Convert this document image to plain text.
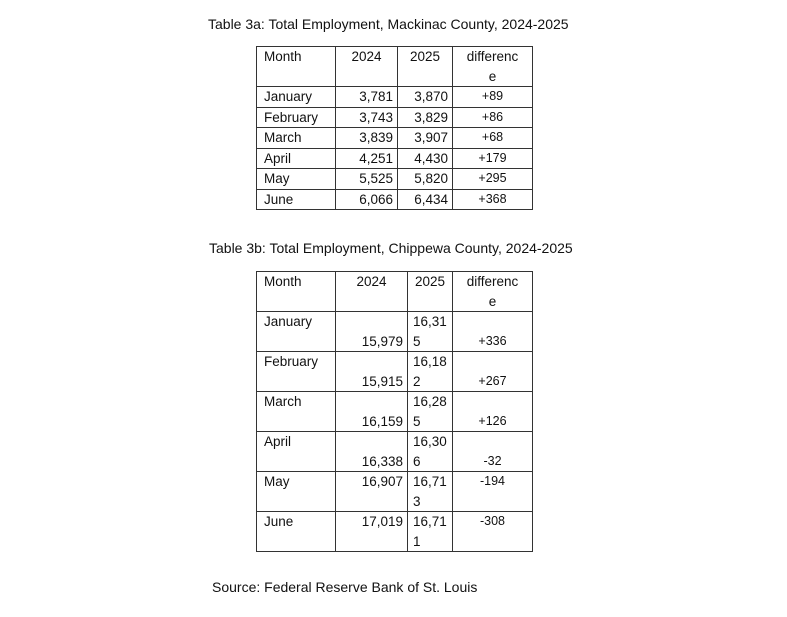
Table 3a: Total Employment, Mackinac County, 2024-2025
Month	2024	2025	differenc e
January	3,781	3,870	+89
February	3,743	3,829	+86
March	3,839	3,907	+68
April	4,251	4,430	+179
May	5,525	5,820	+295
June	6,066	6,434	+368
Table 3b: Total Employment, Chippewa County, 2024-2025
Month	2024	2025	differenc e
January	15,979	16,31 5	+336
February	15,915	16,18 2	+267
March	16,159	16,28 5	+126
April	16,338	16,30 6	-32
May	16,907	16,71 3	-194
June	17,019	16,71 1	-308
Source: Federal Reserve Bank of St. Louis
